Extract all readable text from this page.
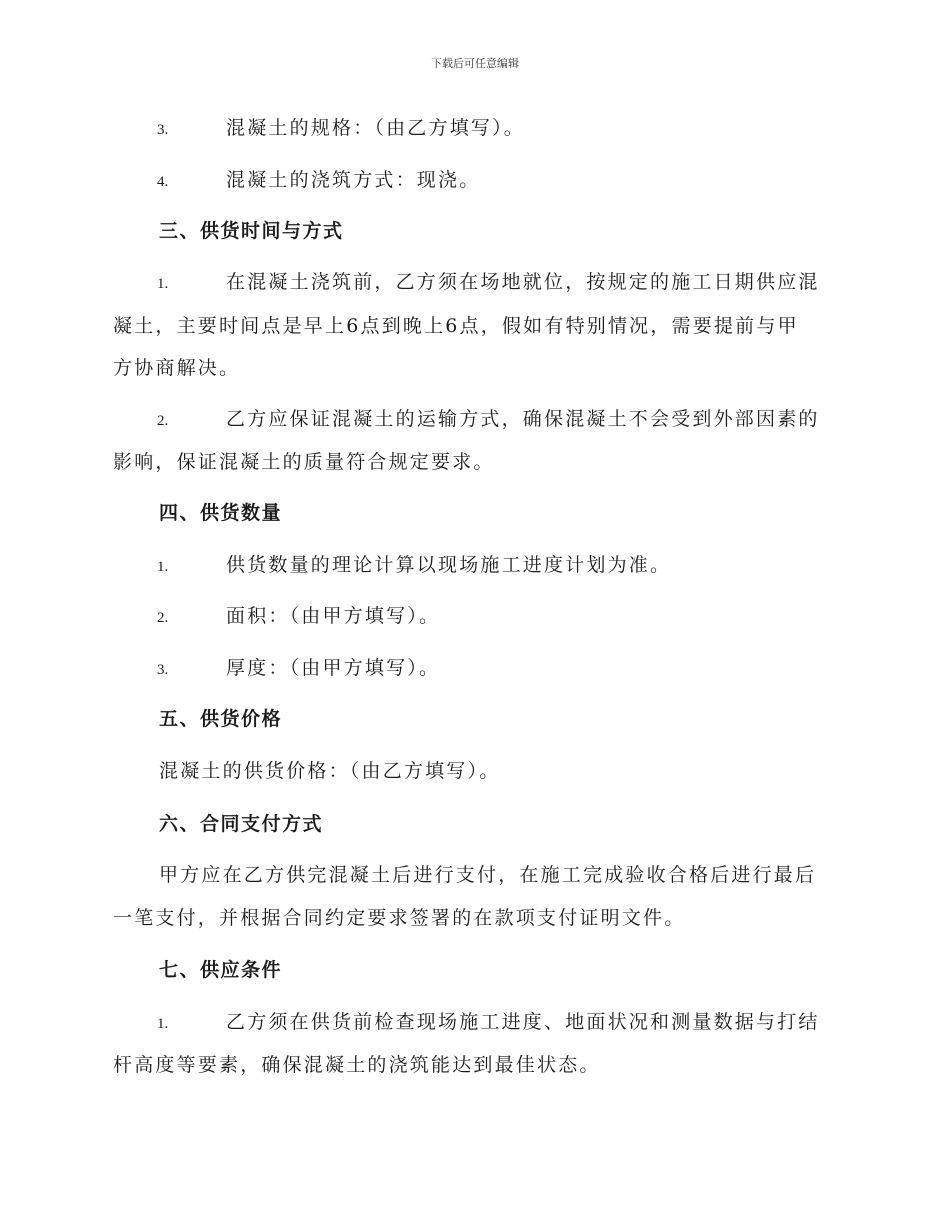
下载后可任意编辑
3.	混凝土的规格：（由乙方填写）。
4.	混凝土的浇筑方式：现浇。
三、供货时间与方式
1.	在混凝土浇筑前，乙方须在场地就位，按规定的施工日期供应混
凝土，主要时间点是早上6点到晚上6点，假如有特别情况，需要提前与甲
方协商解决。
2.	乙方应保证混凝土的运输方式，确保混凝土不会受到外部因素的
影响，保证混凝土的质量符合规定要求。
四、供货数量
1.	供货数量的理论计算以现场施工进度计划为准。
2.	面积：（由甲方填写）。
3.	厚度：（由甲方填写）。
五、供货价格
混凝土的供货价格：（由乙方填写）。
六、合同支付方式
甲方应在乙方供完混凝土后进行支付，在施工完成验收合格后进行最后
一笔支付，并根据合同约定要求签署的在款项支付证明文件。
七、供应条件
1.	乙方须在供货前检查现场施工进度、地面状况和测量数据与打结
杆高度等要素，确保混凝土的浇筑能达到最佳状态。
